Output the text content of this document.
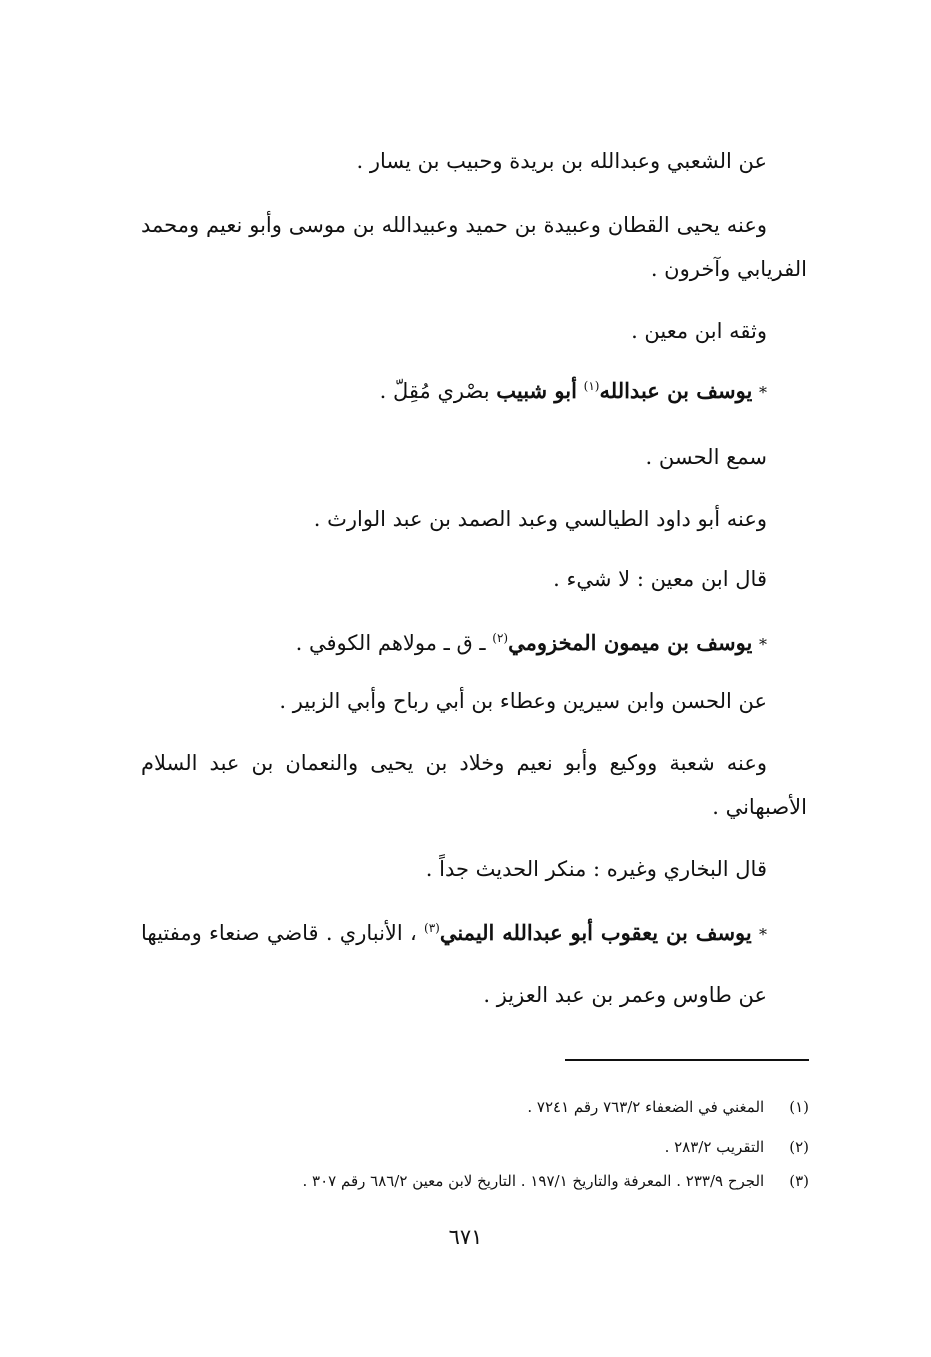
عن الشعبي وعبدالله بن بريدة وحبيب بن يسار .
وعنه يحيى القطان وعبيدة بن حميد وعبيدالله بن موسى وأبو نعيم ومحمد
الفريابي وآخرون .
وثقه ابن معين .
* يوسف بن عبدالله$^{(١)}$ أبو شبيب بصْري مُقِلّ .
سمع الحسن .
وعنه أبو داود الطيالسي وعبد الصمد بن عبد الوارث .
قال ابن معين : لا شيء .
* يوسف بن ميمون المخزومي$^{(٢)}$ ـ ق ـ مولاهم الكوفي .
عن الحسن وابن سيرين وعطاء بن أبي رباح وأبي الزبير .
وعنه شعبة ووكيع وأبو نعيم وخلاد بن يحيى والنعمان بن عبد السلام
الأصبهاني .
قال البخاري وغيره : منكر الحديث جداً .
* يوسف بن يعقوب أبو عبدالله اليمني$^{(٣)}$ ، الأنباري . قاضي صنعاء ومفتيها
عن طاوس وعمر بن عبد العزيز .
(١) المغني في الضعفاء ٧٦٣/٢ رقم ٧٢٤١ .
(٢) التقريب ٢٨٣/٢ .
(٣) الجرح ٢٣٣/٩ . المعرفة والتاريخ ١٩٧/١ . التاريخ لابن معين ٦٨٦/٢ رقم ٣٠٧ .
٦٧١
